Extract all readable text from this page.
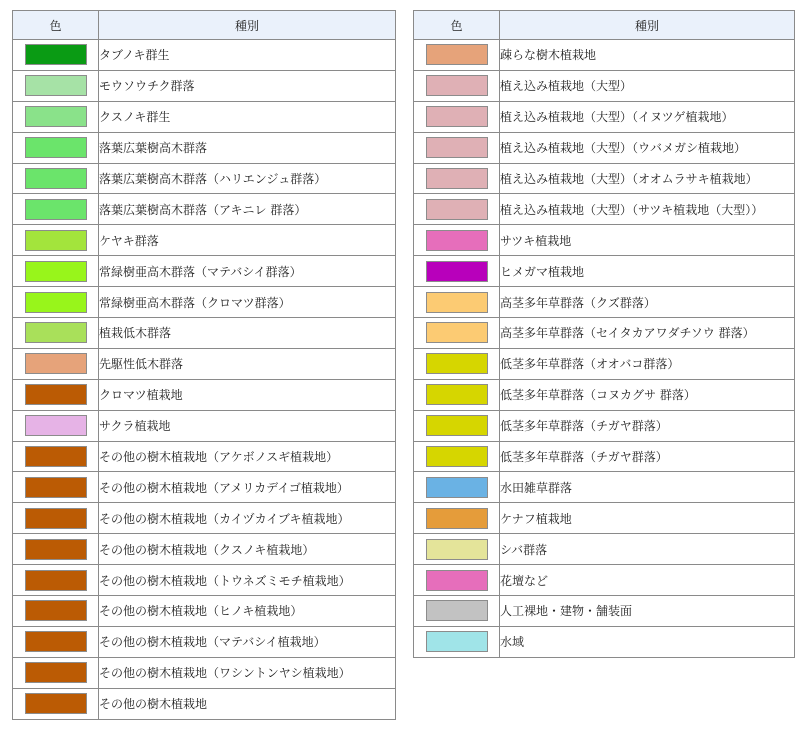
色	種別
	タブノキ群生
	モウソウチク群落
	クスノキ群生
	落葉広葉樹高木群落
	落葉広葉樹高木群落（ハリエンジュ群落）
	落葉広葉樹高木群落（アキニレ 群落）
	ケヤキ群落
	常緑樹亜高木群落（マテバシイ群落）
	常緑樹亜高木群落（クロマツ群落）
	植栽低木群落
	先駆性低木群落
	クロマツ植栽地
	サクラ植栽地
	その他の樹木植栽地（アケボノスギ植栽地）
	その他の樹木植栽地（アメリカデイゴ植栽地）
	その他の樹木植栽地（カイヅカイブキ植栽地）
	その他の樹木植栽地（クスノキ植栽地）
	その他の樹木植栽地（トウネズミモチ植栽地）
	その他の樹木植栽地（ヒノキ植栽地）
	その他の樹木植栽地（マテバシイ植栽地）
	その他の樹木植栽地（ワシントンヤシ植栽地）
	その他の樹木植栽地
色	種別
	疎らな樹木植栽地
	植え込み植栽地（大型）
	植え込み植栽地（大型）（イヌツゲ植栽地）
	植え込み植栽地（大型）（ウバメガシ植栽地）
	植え込み植栽地（大型）（オオムラサキ植栽地）
	植え込み植栽地（大型）（サツキ植栽地（大型））
	サツキ植栽地
	ヒメガマ植栽地
	高茎多年草群落（クズ群落）
	高茎多年草群落（セイタカアワダチソウ 群落）
	低茎多年草群落（オオバコ群落）
	低茎多年草群落（コヌカグサ 群落）
	低茎多年草群落（チガヤ群落）
	低茎多年草群落（チガヤ群落）
	水田雑草群落
	ケナフ植栽地
	シバ群落
	花壇など
	人工裸地・建物・舗装面
	水域
